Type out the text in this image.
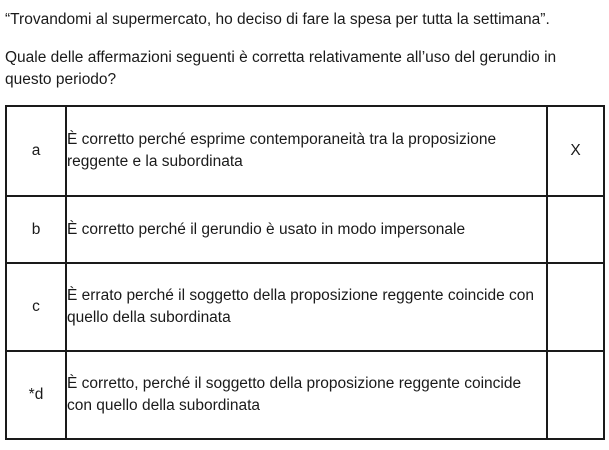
“Trovandomi al supermercato, ho deciso di fare la spesa per tutta la settimana”.
Quale delle affermazioni seguenti è corretta relativamente all’uso del gerundio in questo periodo?
a	È corretto perché esprime contemporaneità tra la proposizione reggente e la subordinata	X
b	È corretto perché il gerundio è usato in modo impersonale	
c	È errato perché il soggetto della proposizione reggente coincide con quello della subordinata	
*d	È corretto, perché il soggetto della proposizione reggente coincide con quello della subordinata	
